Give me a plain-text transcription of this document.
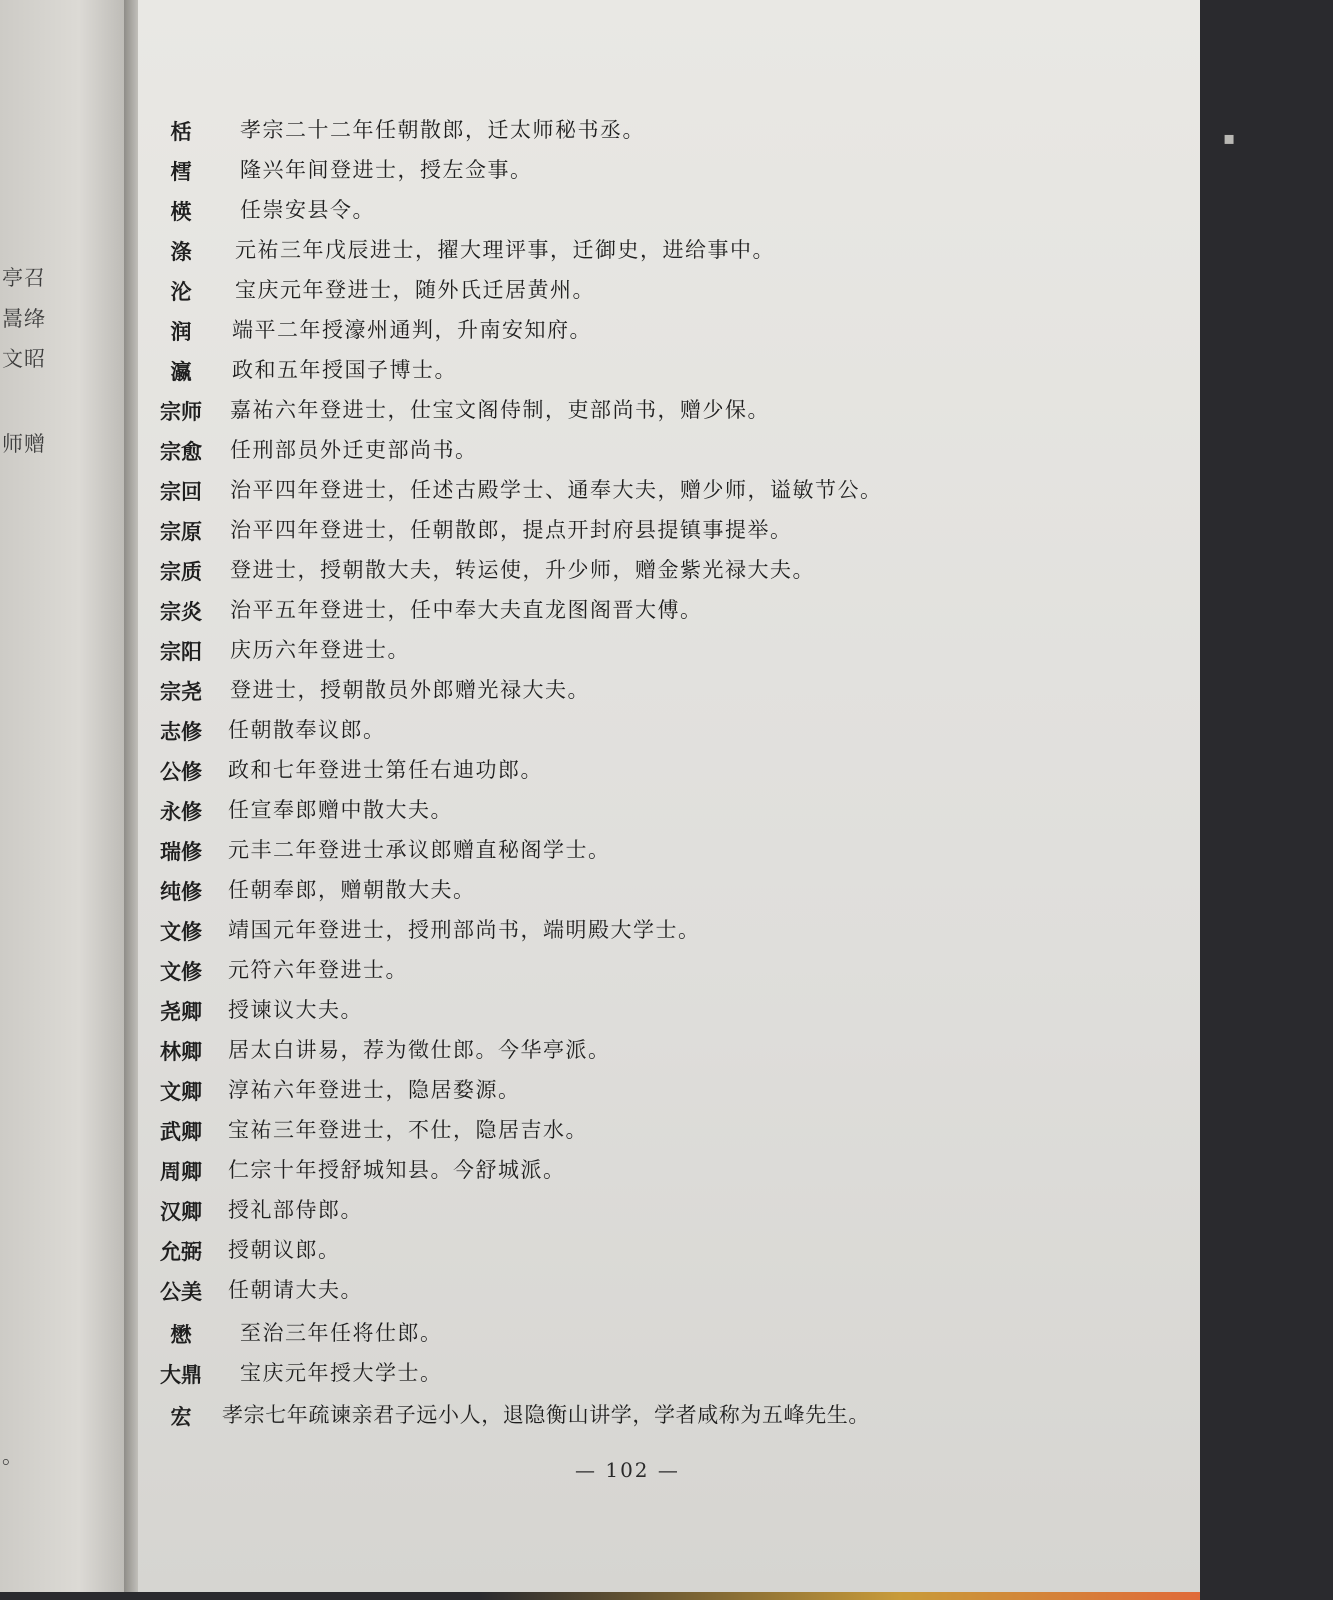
亭召
暠绛
文昭
师赠
。
▪
栝	孝宗二十二年任朝散郎，迁太师秘书丞。
樰	隆兴年间登进士，授左佥事。
楧	任崇安县令。
涤	元祐三年戊辰进士，擢大理评事，迁御史，进给事中。
沦	宝庆元年登进士，随外氏迁居黄州。
润	端平二年授濠州通判，升南安知府。
瀛	政和五年授国子博士。
宗师	嘉祐六年登进士，仕宝文阁侍制，吏部尚书，赠少保。
宗愈	任刑部员外迁吏部尚书。
宗回	治平四年登进士，任述古殿学士、通奉大夫，赠少师，谥敏节公。
宗原	治平四年登进士，任朝散郎，提点开封府县提镇事提举。
宗质	登进士，授朝散大夫，转运使，升少师，赠金紫光禄大夫。
宗炎	治平五年登进士，任中奉大夫直龙图阁晋大傅。
宗阳	庆历六年登进士。
宗尧	登进士，授朝散员外郎赠光禄大夫。
志修	任朝散奉议郎。
公修	政和七年登进士第任右迪功郎。
永修	任宣奉郎赠中散大夫。
瑞修	元丰二年登进士承议郎赠直秘阁学士。
纯修	任朝奉郎，赠朝散大夫。
文修	靖国元年登进士，授刑部尚书，端明殿大学士。
文修	元符六年登进士。
尧卿	授谏议大夫。
林卿	居太白讲易，荐为徵仕郎。今华亭派。
文卿	淳祐六年登进士，隐居婺源。
武卿	宝祐三年登进士，不仕，隐居吉水。
周卿	仁宗十年授舒城知县。今舒城派。
汉卿	授礼部侍郎。
允弼	授朝议郎。
公美	任朝请大夫。
懋	至治三年任将仕郎。
大鼎	宝庆元年授大学士。
宏	孝宗七年疏谏亲君子远小人，退隐衡山讲学，学者咸称为五峰先生。
— 102 —
